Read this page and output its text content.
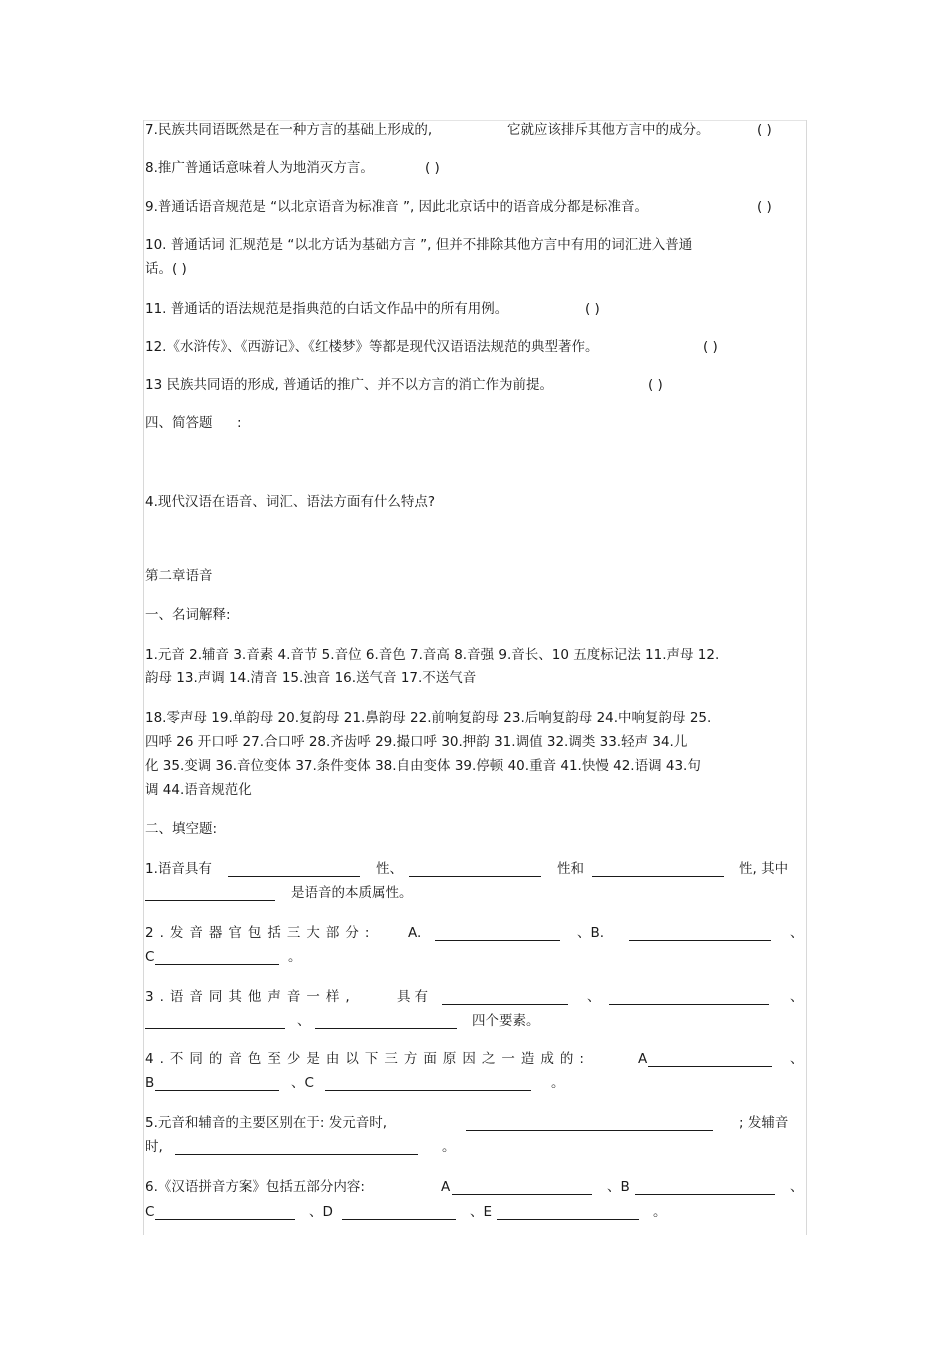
7.民族共同语既然是在一种方言的基础上形成的,	它就应该排斥其他方言中的成分。	( )
8.推广普通话意味着人为地消灭方言。	( )
9.普通话语音规范是 “以北京语音为标准音 ”, 因此北京话中的语音成分都是标准音。	( )
10. 普通话词 汇规范是 “以北方话为基础方言 ”, 但并不排除其他方言中有用的词汇进入普通
话。( )
11. 普通话的语法规范是指典范的白话文作品中的所有用例。	( )
12.《水浒传》、《西游记》、《红楼梦》等都是现代汉语语法规范的典型著作。	( )
13 民族共同语的形成, 普通话的推广、并不以方言的消亡作为前提。	( )
四、简答题 :
4.现代汉语在语音、词汇、语法方面有什么特点?
第二章语音
一、名词解释:
1.元音 2.辅音 3.音素 4.音节 5.音位 6.音色 7.音高 8.音强 9.音长、10 五度标记法 11.声母 12.
韵母 13.声调 14.清音 15.浊音 16.送气音 17.不送气音
18.零声母 19.单韵母 20.复韵母 21.鼻韵母 22.前响复韵母 23.后响复韵母 24.中响复韵母 25.
四呼 26 开口呼 27.合口呼 28.齐齿呼 29.撮口呼 30.押韵 31.调值 32.调类 33.轻声 34.儿
化 35.变调 36.音位变体 37.条件变体 38.自由变体 39.停顿 40.重音 41.快慢 42.语调 43.句
调 44.语音规范化
二、填空题:
1.语音具有	性、	性和	性, 其中
是语音的本质属性。
2.发音器官包括三大部分: A.	、B.	、
C	。
3.语音同其他声音一样,	具有	、	、
、	四个要素。
4.不同的音色至少是由以下三方面原因之一造成的:	A	、
B	、C	。
5.元音和辅音的主要区别在于: 发元音时,	; 发辅音
时,	。
6.《汉语拼音方案》包括五部分内容:	A	、B	、
C	、D	、E	。
